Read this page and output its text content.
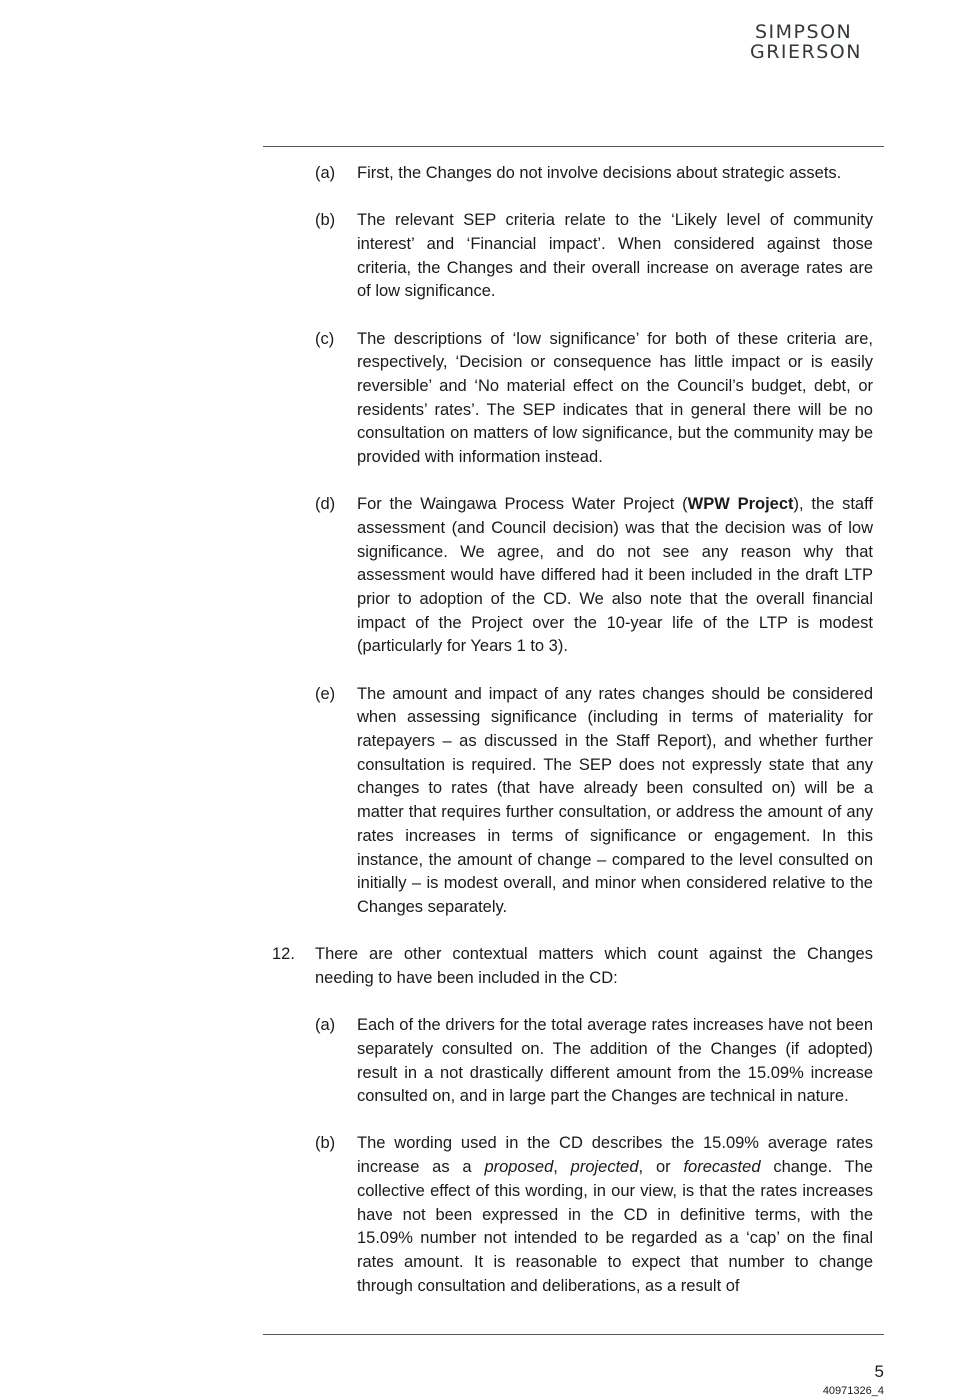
SIMPSON
GRIERSON
(a) First, the Changes do not involve decisions about strategic assets.
(b) The relevant SEP criteria relate to the ‘Likely level of community interest’ and ‘Financial impact’. When considered against those criteria, the Changes and their overall increase on average rates are of low significance.
(c) The descriptions of ‘low significance’ for both of these criteria are, respectively, ‘Decision or consequence has little impact or is easily reversible’ and ‘No material effect on the Council’s budget, debt, or residents’ rates’. The SEP indicates that in general there will be no consultation on matters of low significance, but the community may be provided with information instead.
(d) For the Waingawa Process Water Project (WPW Project), the staff assessment (and Council decision) was that the decision was of low significance. We agree, and do not see any reason why that assessment would have differed had it been included in the draft LTP prior to adoption of the CD. We also note that the overall financial impact of the Project over the 10-year life of the LTP is modest (particularly for Years 1 to 3).
(e) The amount and impact of any rates changes should be considered when assessing significance (including in terms of materiality for ratepayers – as discussed in the Staff Report), and whether further consultation is required. The SEP does not expressly state that any changes to rates (that have already been consulted on) will be a matter that requires further consultation, or address the amount of any rates increases in terms of significance or engagement. In this instance, the amount of change – compared to the level consulted on initially – is modest overall, and minor when considered relative to the Changes separately.
12. There are other contextual matters which count against the Changes needing to have been included in the CD:
(a) Each of the drivers for the total average rates increases have not been separately consulted on. The addition of the Changes (if adopted) result in a not drastically different amount from the 15.09% increase consulted on, and in large part the Changes are technical in nature.
(b) The wording used in the CD describes the 15.09% average rates increase as a proposed, projected, or forecasted change. The collective effect of this wording, in our view, is that the rates increases have not been expressed in the CD in definitive terms, with the 15.09% number not intended to be regarded as a ‘cap’ on the final rates amount. It is reasonable to expect that number to change through consultation and deliberations, as a result of
5
40971326_4
